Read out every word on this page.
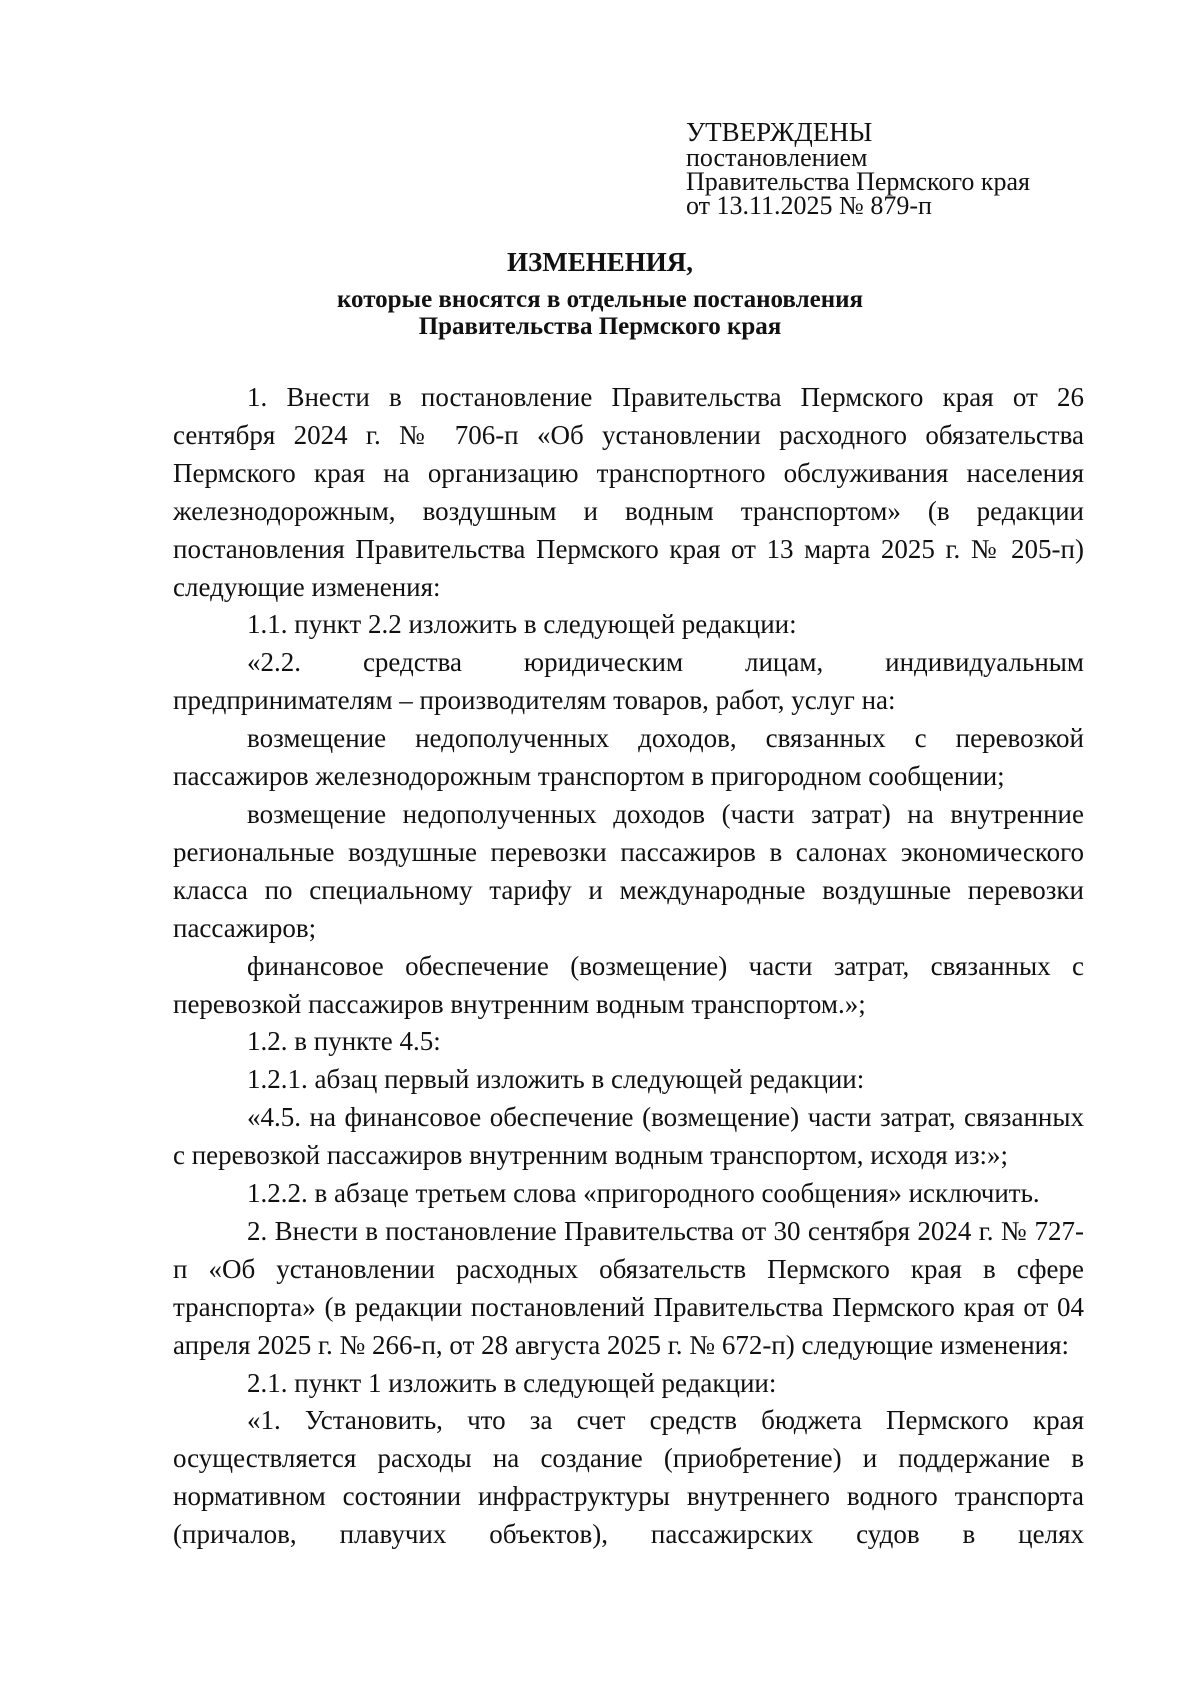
УТВЕРЖДЕНЫ
постановлением
Правительства Пермского края
от 13.11.2025 № 879-п
ИЗМЕНЕНИЯ,
которые вносятся в отдельные постановления
Правительства Пермского края

1. Внести в постановление Правительства Пермского края от 26 сентября 2024 г. № 706-п «Об установлении расходного обязательства Пермского края на организацию транспортного обслуживания населения железнодорожным, воздушным и водным транспортом» (в редакции постановления Правительства Пермского края от 13 марта 2025 г. № 205-п) следующие изменения:

1.1. пункт 2.2 изложить в следующей редакции:

«2.2. средства юридическим лицам, индивидуальным предпринимателям – производителям товаров, работ, услуг на:

возмещение недополученных доходов, связанных с перевозкой пассажиров железнодорожным транспортом в пригородном сообщении;

возмещение недополученных доходов (части затрат) на внутренние региональные воздушные перевозки пассажиров в салонах экономического класса по специальному тарифу и международные воздушные перевозки пассажиров;

финансовое обеспечение (возмещение) части затрат, связанных с перевозкой пассажиров внутренним водным транспортом.»;

1.2. в пункте 4.5:

1.2.1. абзац первый изложить в следующей редакции:

«4.5. на финансовое обеспечение (возмещение) части затрат, связанных с перевозкой пассажиров внутренним водным транспортом, исходя из:»;

1.2.2. в абзаце третьем слова «пригородного сообщения» исключить.

2. Внести в постановление Правительства от 30 сентября 2024 г. № 727-п «Об установлении расходных обязательств Пермского края в сфере транспорта» (в редакции постановлений Правительства Пермского края от 04 апреля 2025 г. № 266-п, от 28 августа 2025 г. № 672-п) следующие изменения:

2.1. пункт 1 изложить в следующей редакции:

«1. Установить, что за счет средств бюджета Пермского края осуществляется расходы на создание (приобретение) и поддержание в нормативном состоянии инфраструктуры внутреннего водного транспорта (причалов, плавучих объектов), пассажирских судов в целях
